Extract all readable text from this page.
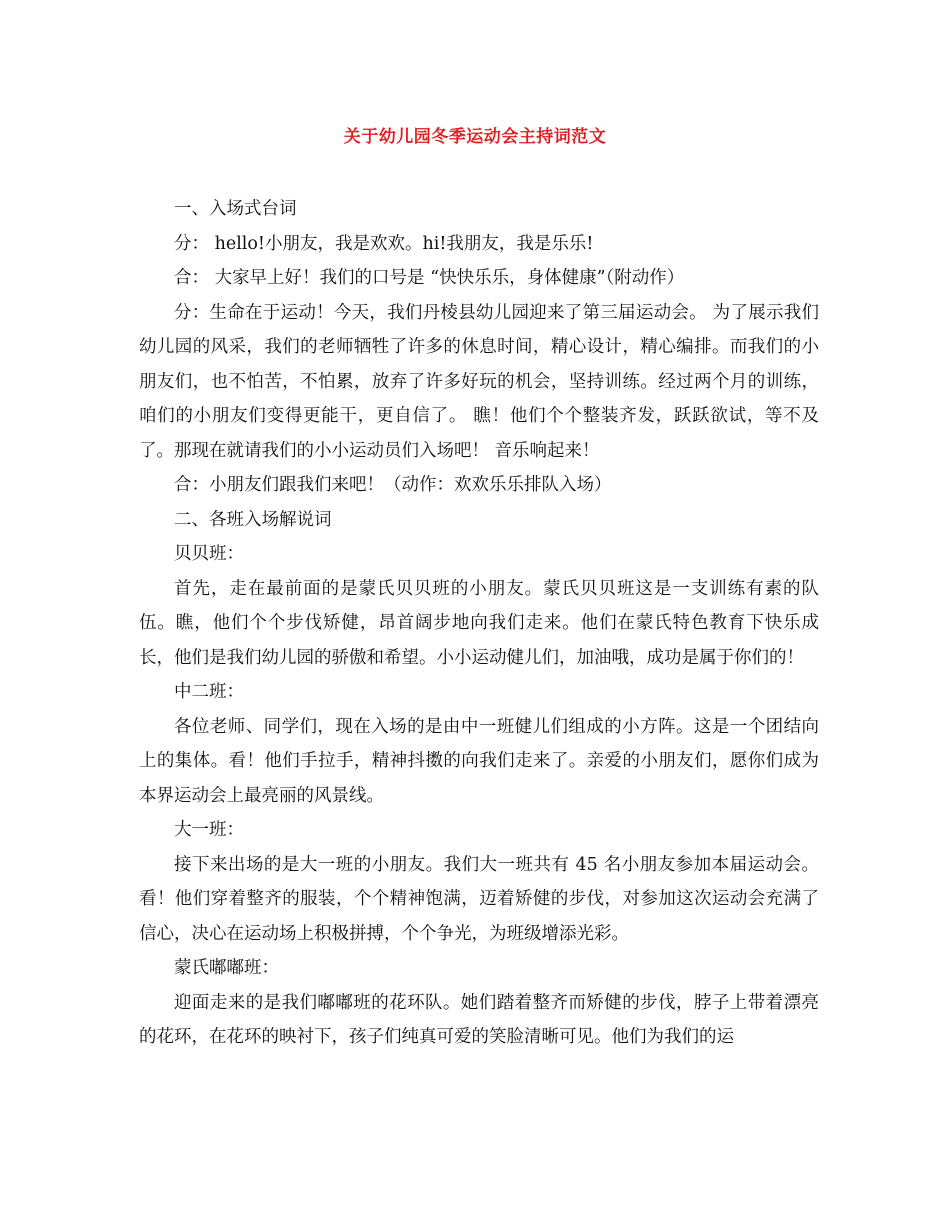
关于幼儿园冬季运动会主持词范文

一、入场式台词

分： hello!小朋友，我是欢欢。hi!我朋友，我是乐乐!

合： 大家早上好！我们的口号是 “快快乐乐，身体健康”（附动作）

分：生命在于运动！今天，我们丹棱县幼儿园迎来了第三届运动会。 为了展示我们幼儿园的风采，我们的老师牺牲了许多的休息时间，精心设计，精心编排。而我们的小朋友们，也不怕苦，不怕累，放弃了许多好玩的机会，坚持训练。经过两个月的训练，咱们的小朋友们变得更能干，更自信了。 瞧！他们个个整装齐发，跃跃欲试，等不及了。那现在就请我们的小小运动员们入场吧！ 音乐响起来！

合：小朋友们跟我们来吧！（动作：欢欢乐乐排队入场）

二、各班入场解说词

贝贝班：

首先，走在最前面的是蒙氏贝贝班的小朋友。蒙氏贝贝班这是一支训练有素的队伍。瞧，他们个个步伐矫健，昂首阔步地向我们走来。他们在蒙氏特色教育下快乐成长，他们是我们幼儿园的骄傲和希望。小小运动健儿们，加油哦，成功是属于你们的！

中二班：

各位老师、同学们，现在入场的是由中一班健儿们组成的小方阵。这是一个团结向上的集体。看！他们手拉手，精神抖擞的向我们走来了。亲爱的小朋友们，愿你们成为本界运动会上最亮丽的风景线。

大一班：

接下来出场的是大一班的小朋友。我们大一班共有 45 名小朋友参加本届运动会。看！他们穿着整齐的服装，个个精神饱满，迈着矫健的步伐，对参加这次运动会充满了信心，决心在运动场上积极拼搏，个个争光，为班级增添光彩。

蒙氏嘟嘟班：

迎面走来的是我们嘟嘟班的花环队。她们踏着整齐而矫健的步伐，脖子上带着漂亮的花环，在花环的映衬下，孩子们纯真可爱的笑脸清晰可见。他们为我们的运
